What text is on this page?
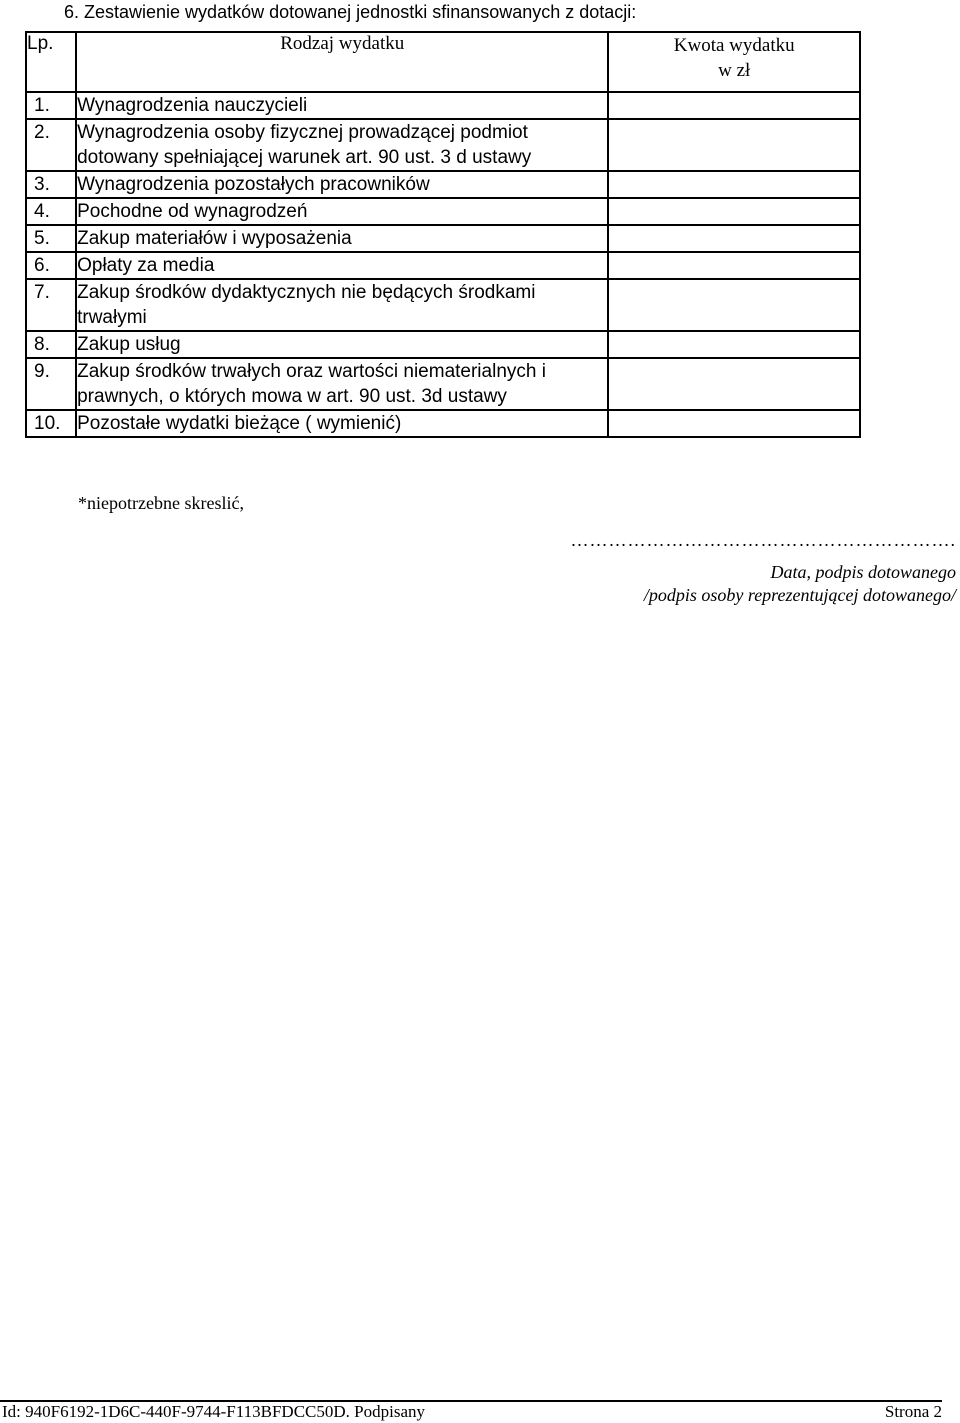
6. Zestawienie wydatków dotowanej jednostki sfinansowanych z dotacji:
Lp.	Rodzaj wydatku	Kwota wydatku
w zł

1.	Wynagrodzenia nauczycieli	
2.	Wynagrodzenia osoby fizycznej prowadzącej podmiot dotowany spełniającej warunek art. 90 ust. 3 d ustawy	
3.	Wynagrodzenia pozostałych pracowników	
4.	Pochodne od wynagrodzeń	
5.	Zakup materiałów i wyposażenia	
6.	Opłaty za media	
7.	Zakup środków dydaktycznych nie będących środkami trwałymi	
8.	Zakup usług	
9.	Zakup środków trwałych oraz wartości niematerialnych i prawnych, o których mowa w art. 90 ust. 3d ustawy	
10.	Pozostałe wydatki bieżące ( wymienić)	
*niepotrzebne skreslić,
…………………………………………………….
Data, podpis dotowanego
/podpis osoby reprezentującej dotowanego/
Id: 940F6192-1D6C-440F-9744-F113BFDCC50D. Podpisany	Strona 2
